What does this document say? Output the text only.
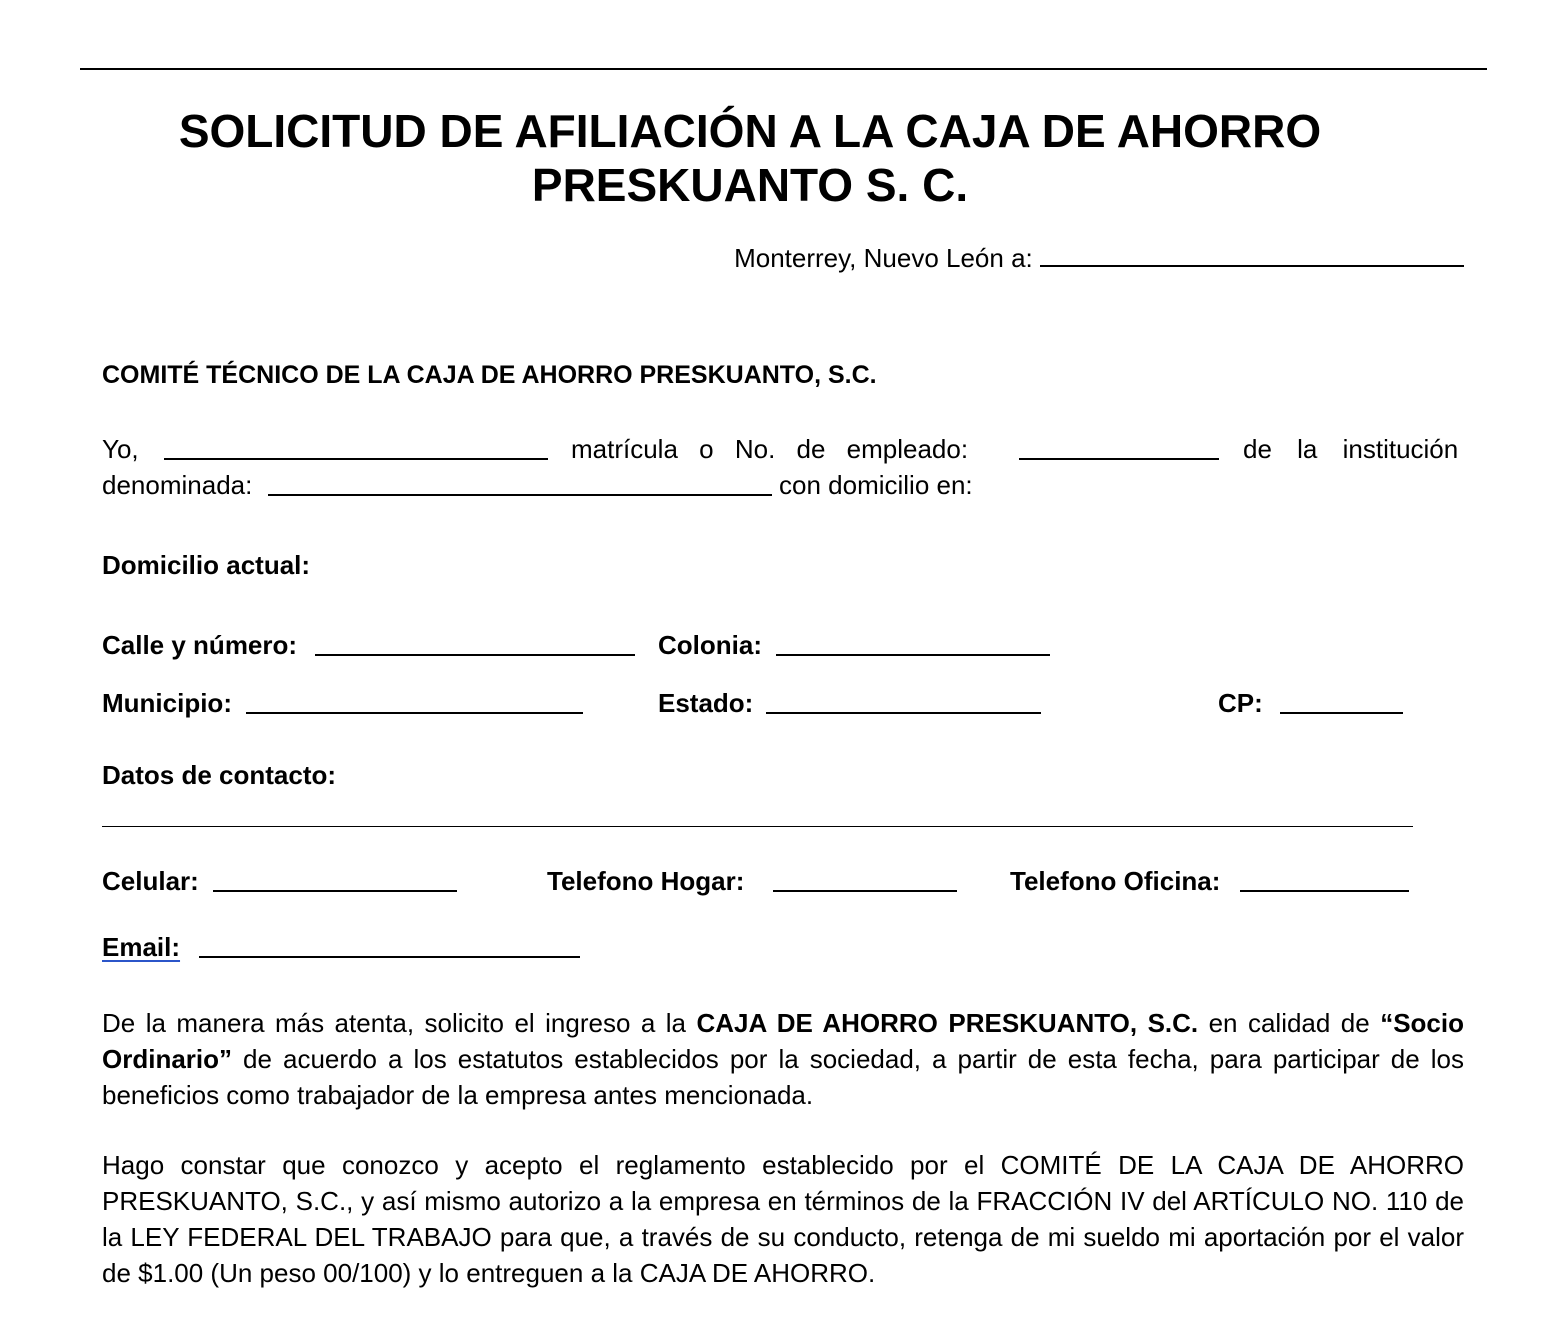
SOLICITUD DE AFILIACIÓN A LA CAJA DE AHORRO
PRESKUANTO S. C.
Monterrey, Nuevo León a:
COMITÉ TÉCNICO DE LA CAJA DE AHORRO PRESKUANTO, S.C.
Yo,	matrícula o No. de empleado:	de la institución
denominada:	con domicilio en:
Domicilio actual:
Calle y número:	Colonia:
Municipio:	Estado:	CP:
Datos de contacto:
Celular:	Telefono Hogar:	Telefono Oficina:
Email:

De la manera más atenta, solicito el ingreso a la CAJA DE AHORRO PRESKUANTO, S.C. en calidad de “Socio Ordinario” de acuerdo a los estatutos establecidos por la sociedad, a partir de esta fecha, para participar de los beneficios como trabajador de la empresa antes mencionada.

Hago constar que conozco y acepto el reglamento establecido por el COMITÉ DE LA CAJA DE AHORRO PRESKUANTO, S.C., y así mismo autorizo a la empresa en términos de la FRACCIÓN IV del ARTÍCULO NO. 110 de la LEY FEDERAL DEL TRABAJO para que, a través de su conducto, retenga de mi sueldo mi aportación por el valor de $1.00 (Un peso 00/100) y lo entreguen a la CAJA DE AHORRO.
